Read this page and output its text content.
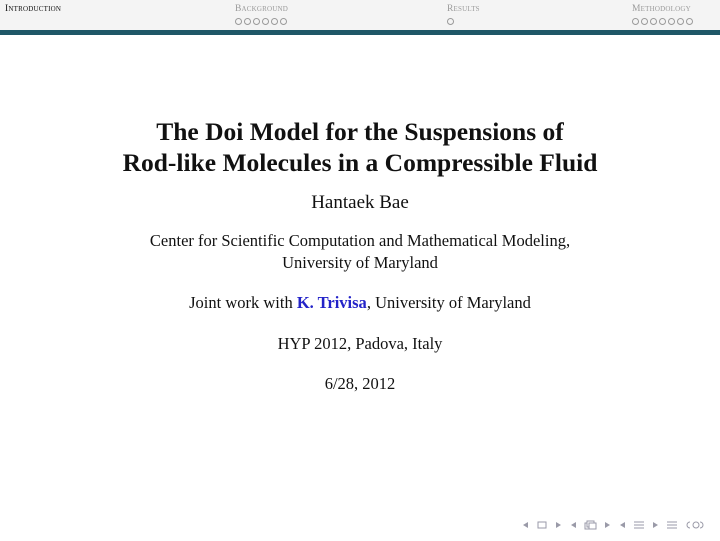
Introduction	Background	Results	Methodology
The Doi Model for the Suspensions of
Rod-like Molecules in a Compressible Fluid
Hantaek Bae
Center for Scientific Computation and Mathematical Modeling,
University of Maryland
Joint work with K. Trivisa, University of Maryland
HYP 2012, Padova, Italy
6/28, 2012
